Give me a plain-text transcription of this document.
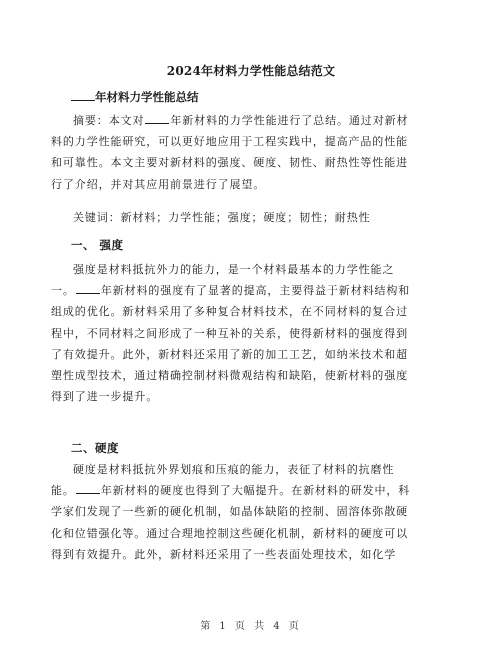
2024年材料力学性能总结范文
年材料力学性能总结
摘要：本文对 年新材料的力学性能进行了总结。通过对新材
料的力学性能研究，可以更好地应用于工程实践中，提高产品的性能
和可靠性。本文主要对新材料的强度、硬度、韧性、耐热性等性能进
行了介绍，并对其应用前景进行了展望。
关键词：新材料；力学性能；强度；硬度；韧性；耐热性
一、 强度
强度是材料抵抗外力的能力，是一个材料最基本的力学性能之
一。 年新材料的强度有了显著的提高，主要得益于新材料结构和
组成的优化。新材料采用了多种复合材料技术，在不同材料的复合过
程中，不同材料之间形成了一种互补的关系，使得新材料的强度得到
了有效提升。此外，新材料还采用了新的加工工艺，如纳米技术和超
塑性成型技术，通过精确控制材料微观结构和缺陷，使新材料的强度
得到了进一步提升。
二、硬度
硬度是材料抵抗外界划痕和压痕的能力，表征了材料的抗磨性
能。 年新材料的硬度也得到了大幅提升。在新材料的研发中，科
学家们发现了一些新的硬化机制，如晶体缺陷的控制、固溶体弥散硬
化和位错强化等。通过合理地控制这些硬化机制，新材料的硬度可以
得到有效提升。此外，新材料还采用了一些表面处理技术，如化学
第 1 页 共 4 页
